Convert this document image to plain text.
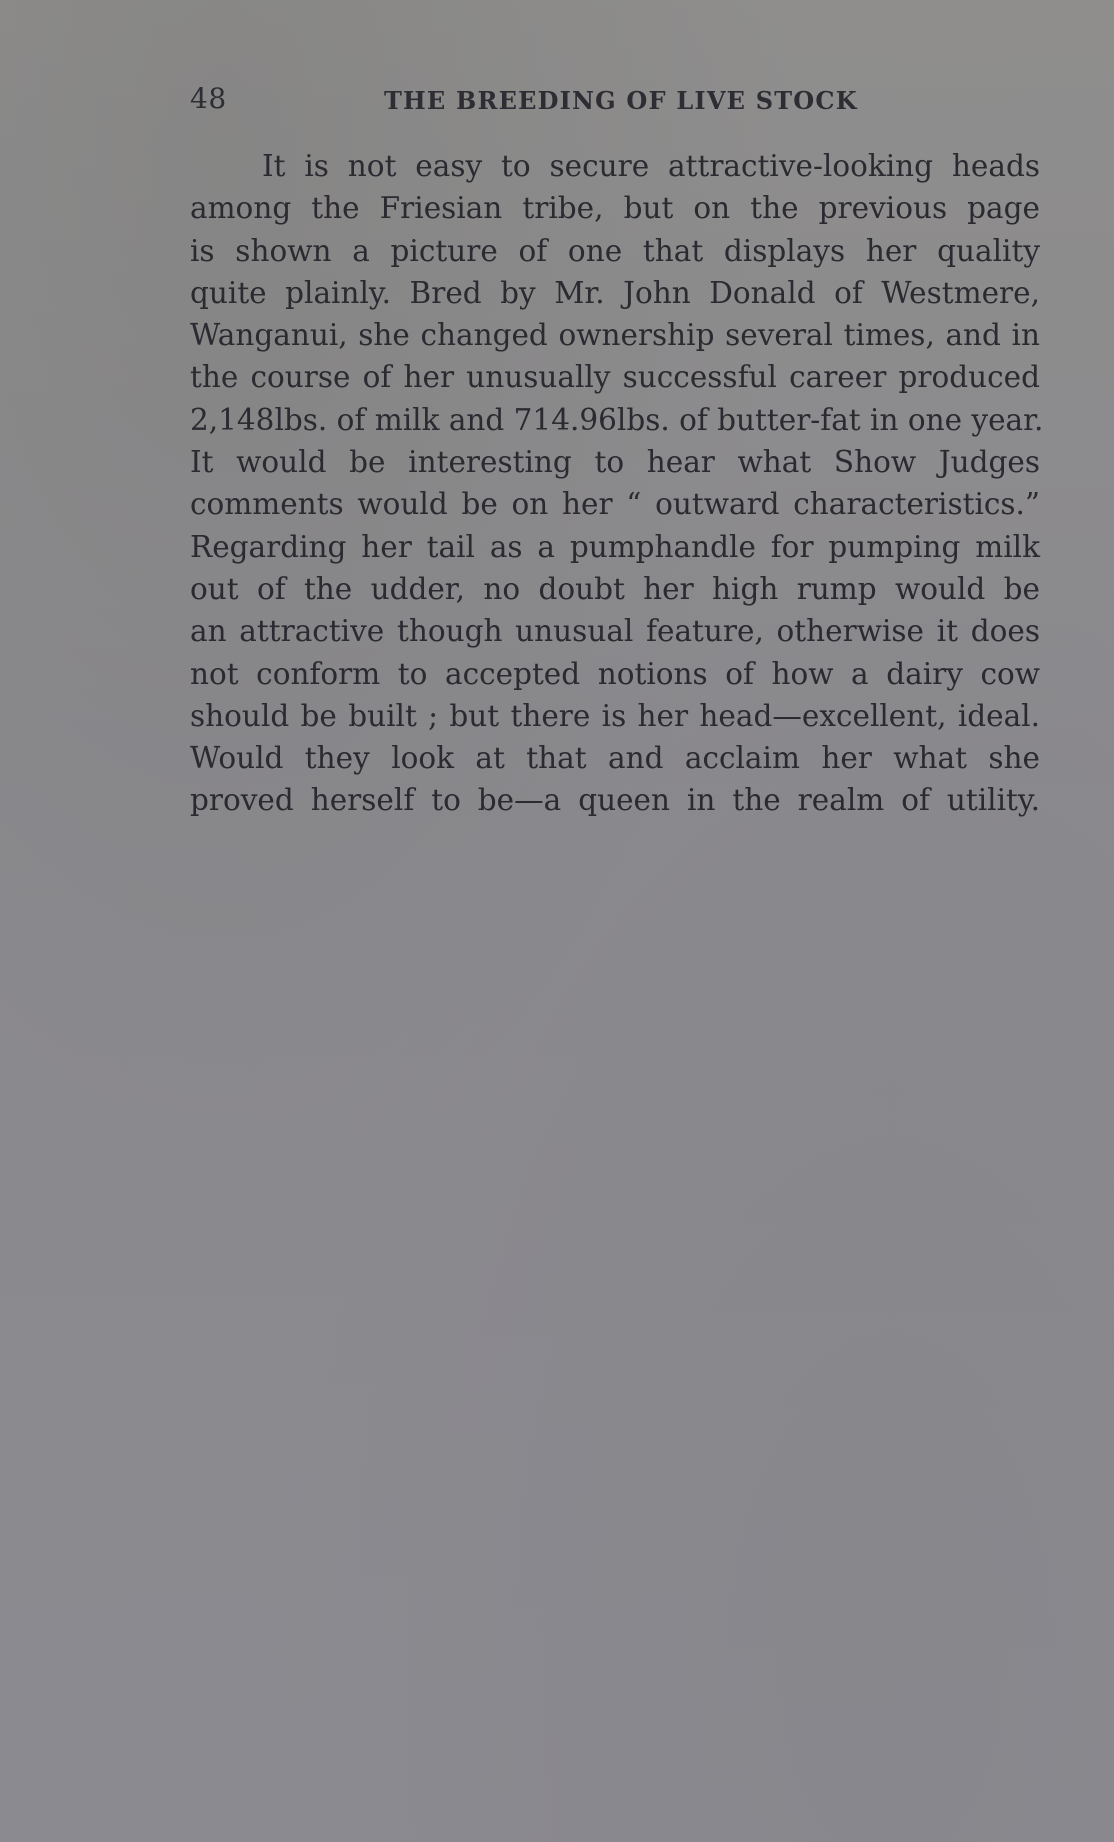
48	THE BREEDING OF LIVE STOCK
It is not easy to secure attractive-looking heads
among the Friesian tribe, but on the previous page
is shown a picture of one that displays her quality
quite plainly. Bred by Mr. John Donald of Westmere,
Wanganui, she changed ownership several times, and in
the course of her unusually successful career produced
2,148lbs. of milk and 714.96lbs. of butter-fat in one year.
It would be interesting to hear what Show Judges
comments would be on her “ outward characteristics.”
Regarding her tail as a pumphandle for pumping milk
out of the udder, no doubt her high rump would be
an attractive though unusual feature, otherwise it does
not conform to accepted notions of how a dairy cow
should be built ; but there is her head—excellent, ideal.
Would they look at that and acclaim her what she
proved herself to be—a queen in the realm of utility.
